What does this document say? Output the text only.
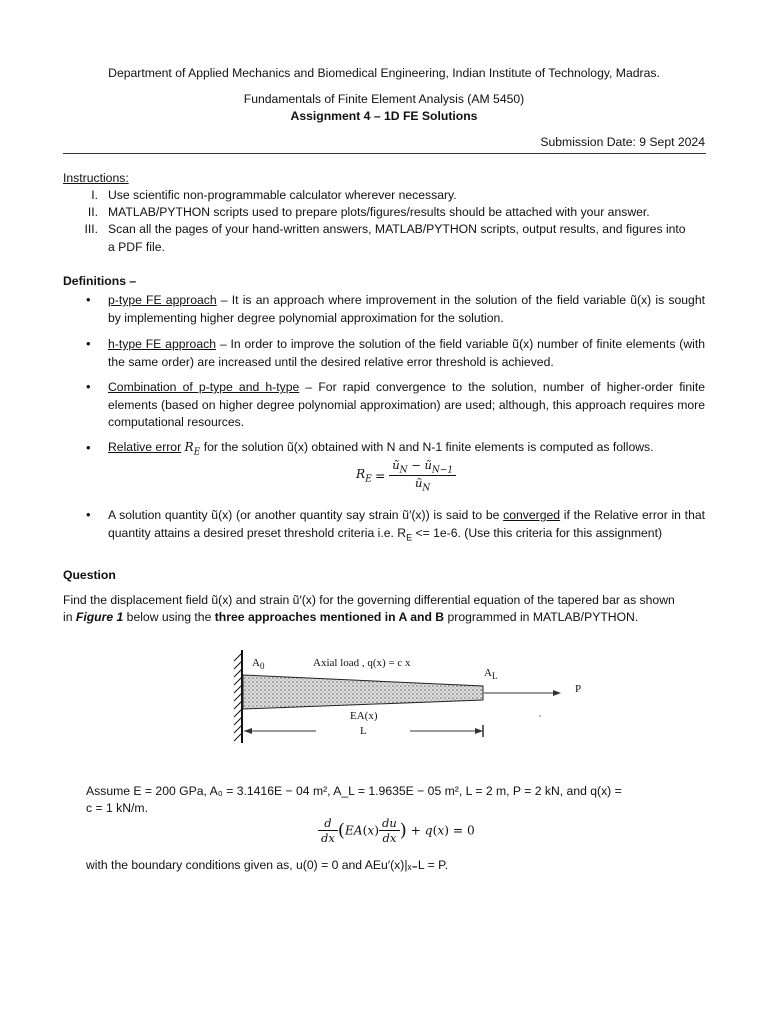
Department of Applied Mechanics and Biomedical Engineering, Indian Institute of Technology, Madras.
Fundamentals of Finite Element Analysis (AM 5450)
Assignment 4 – 1D FE Solutions
Submission Date: 9 Sept 2024
Instructions:
I. Use scientific non-programmable calculator wherever necessary.
II. MATLAB/PYTHON scripts used to prepare plots/figures/results should be attached with your answer.
III. Scan all the pages of your hand-written answers, MATLAB/PYTHON scripts, output results, and figures into
a PDF file.
Definitions –
• p-type FE approach – It is an approach where improvement in the solution of the field variable ũ(x) is sought by implementing higher degree polynomial approximation for the solution.
• h-type FE approach – In order to improve the solution of the field variable ũ(x) number of finite elements (with the same order) are increased until the desired relative error threshold is achieved.
• Combination of p-type and h-type – For rapid convergence to the solution, number of higher-order finite elements (based on higher degree polynomial approximation) are used; although, this approach requires more computational resources.
• Relative error $R_E$ for the solution ũ(x) obtained with N and N-1 finite elements is computed as follows.
$R_E = \frac{ũ_N - ũ_{N-1}}{ũ_N}$
• A solution quantity ũ(x) (or another quantity say strain ũ′(x)) is said to be converged if the Relative error in that quantity attains a desired preset threshold criteria i.e. $R_E <= 1e-6$. (Use this criteria for this assignment)
Question
Find the displacement field ũ(x) and strain ũ′(x) for the governing differential equation of the tapered bar as shown
in Figure 1 below using the three approaches mentioned in A and B programmed in MATLAB/PYTHON.
$A_0$	Axial load , q(x) = c x
$A_L$
P
EA(x)
L
Assume E = 200 GPa, A₀ = 3.1416E − 04 m², A_L = 1.9635E − 05 m², L = 2 m, P = 2 kN, and q(x) =
c = 1 kN/m.
$\frac{d}{dx} (EA(x) \frac{du}{dx}$ ) + q(x) = 0
with the boundary conditions given as, u(0) = 0 and AEu′(x)|ₓ₌L = P.
